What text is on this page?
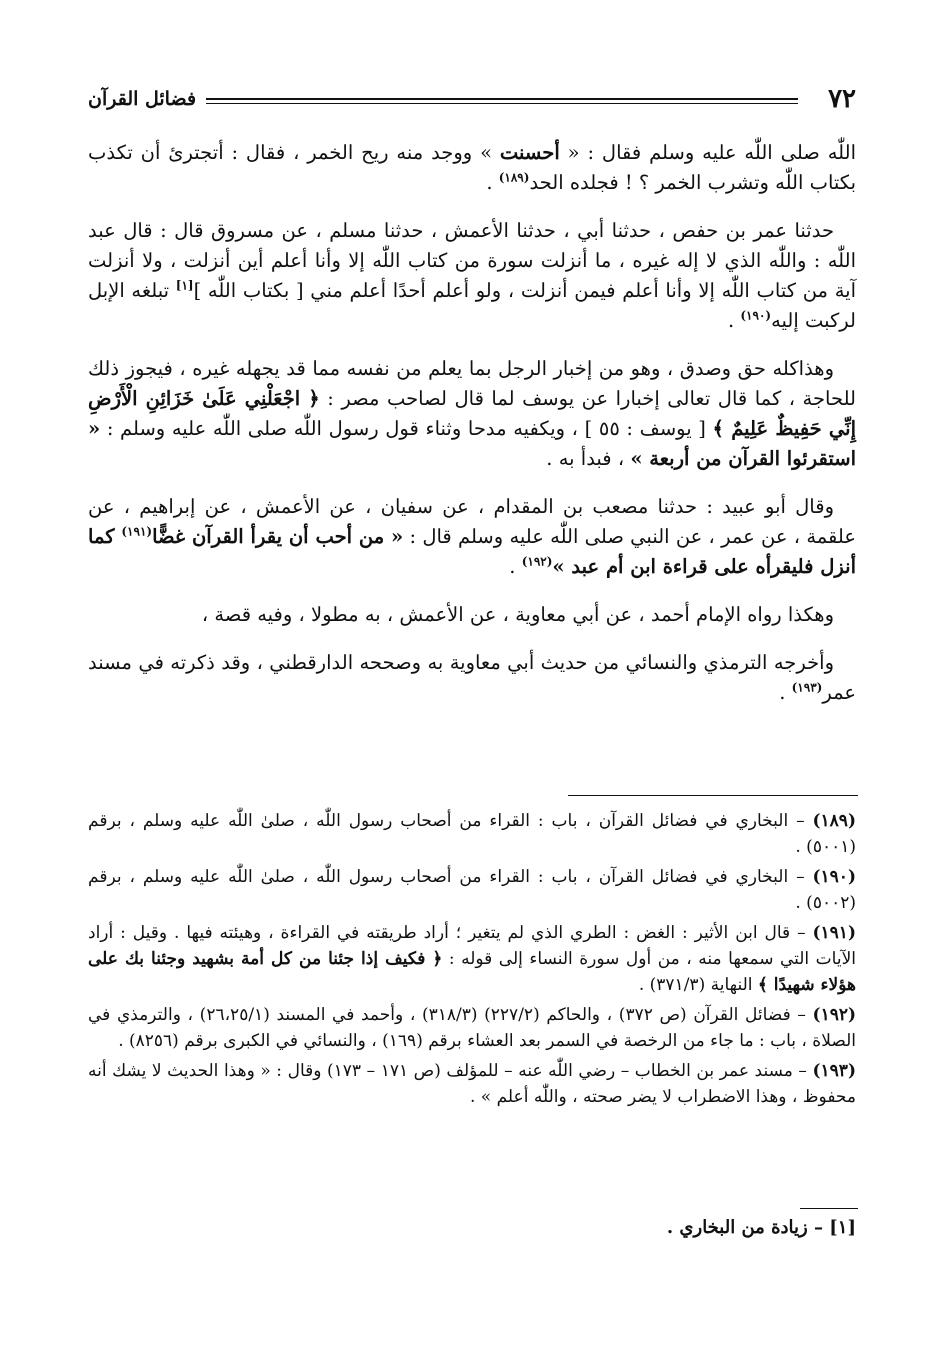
٧٢
فضائل القرآن

اللّٰه صلى اللّٰه عليه وسلم فقال : « أحسنت » ووجد منه ريح الخمر ، فقال : أتجترئ أن تكذب بكتاب اللّٰه وتشرب الخمر ؟ ! فجلده الحد$^{(١٨٩)}$ .

حدثنا عمر بن حفص ، حدثنا أبي ، حدثنا الأعمش ، حدثنا مسلم ، عن مسروق قال : قال عبد اللّٰه : واللّٰه الذي لا إله غيره ، ما أنزلت سورة من كتاب اللّٰه إلا وأنا أعلم أين أنزلت ، ولا أنزلت آية من كتاب اللّٰه إلا وأنا أعلم فيمن أنزلت ، ولو أعلم أحدًا أعلم مني [ بكتاب اللّٰه ][١] تبلغه الإبل لركبت إليه$^{(١٩٠)}$ .

وهذاكله حق وصدق ، وهو من إخبار الرجل بما يعلم من نفسه مما قد يجهله غيره ، فيجوز ذلك للحاجة ، كما قال تعالى إخبارا عن يوسف لما قال لصاحب مصر : ﴿ اجْعَلْنِي عَلَىٰ خَزَائِنِ الْأَرْضِ إِنِّي حَفِيظٌ عَلِيمٌ ﴾ [ يوسف : ٥٥ ] ، ويكفيه مدحا وثناء قول رسول اللّٰه صلى اللّٰه عليه وسلم : « استقرئوا القرآن من أربعة » ، فبدأ به .

وقال أبو عبيد : حدثنا مصعب بن المقدام ، عن سفيان ، عن الأعمش ، عن إبراهيم ، عن علقمة ، عن عمر ، عن النبي صلى اللّٰه عليه وسلم قال : « من أحب أن يقرأ القرآن غضًّا$^{(١٩١)}$ كما أنزل فليقرأه على قراءة ابن أم عبد »$^{(١٩٢)}$ .

وهكذا رواه الإمام أحمد ، عن أبي معاوية ، عن الأعمش ، به مطولا ، وفيه قصة ،

وأخرجه الترمذي والنسائي من حديث أبي معاوية به وصححه الدارقطني ، وقد ذكرته في مسند عمر$^{(١٩٣)}$ .

(١٨٩) – البخاري في فضائل القرآن ، باب : القراء من أصحاب رسول اللّٰه ، صلىٰ اللّٰه عليه وسلم ، برقم (٥٠٠١) .

(١٩٠) – البخاري في فضائل القرآن ، باب : القراء من أصحاب رسول اللّٰه ، صلىٰ اللّٰه عليه وسلم ، برقم (٥٠٠٢) .

(١٩١) – قال ابن الأثير : الغض : الطري الذي لم يتغير ؛ أراد طريقته في القراءة ، وهيئته فيها . وقيل : أراد الآيات التي سمعها منه ، من أول سورة النساء إلى قوله : ﴿ فكيف إذا جئنا من كل أمة بشهيد وجئنا بك على هؤلاء شهيدًا ﴾ النهاية (٣٧١/٣) .

(١٩٢) – فضائل القرآن (ص ٣٧٢) ، والحاكم (٢٢٧/٢) (٣١٨/٣) ، وأحمد في المسند (٢٦،٢٥/١) ، والترمذي في الصلاة ، باب : ما جاء من الرخصة في السمر بعد العشاء برقم (١٦٩) ، والنسائي في الكبرى برقم (٨٢٥٦) .

(١٩٣) – مسند عمر بن الخطاب – رضي اللّٰه عنه – للمؤلف (ص ١٧١ – ١٧٣) وقال : « وهذا الحديث لا يشك أنه محفوظ ، وهذا الاضطراب لا يضر صحته ، واللّٰه أعلم » .

[١] – زيادة من البخاري .
